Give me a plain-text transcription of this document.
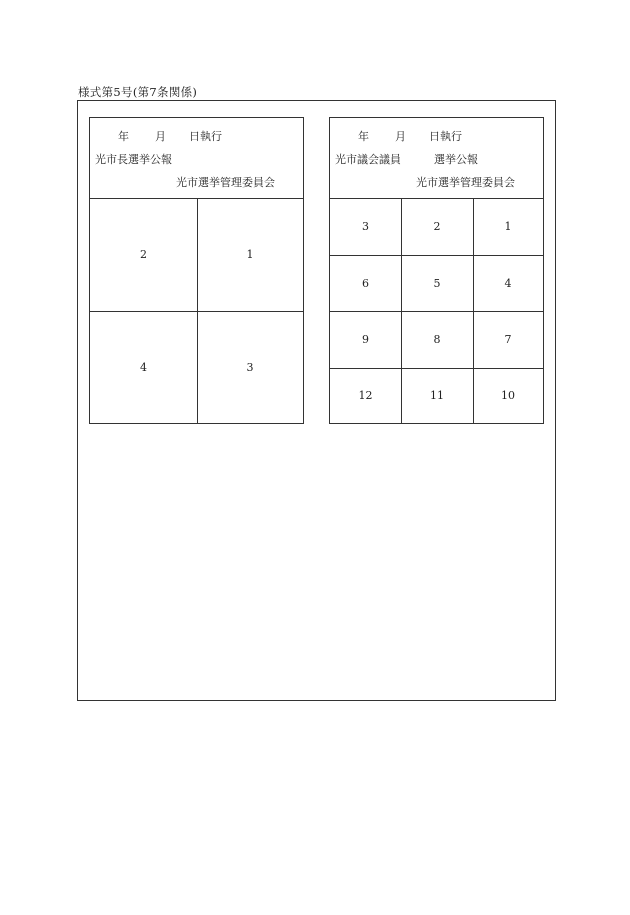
様式第5号(第7条関係)
年 月 日執行
光市長選挙公報
光市選挙管理委員会
2	1
4	3
年 月 日執行
光市議会議員	選挙公報
光市選挙管理委員会
3	2	1
6	5	4
9	8	7
12	11	10
